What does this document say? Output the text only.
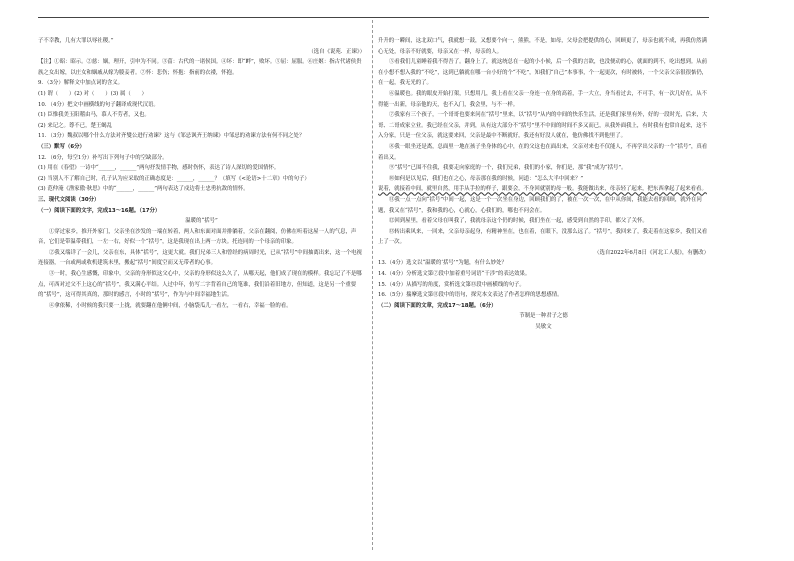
子不幸教，几有大罪以辱社稷。”

（选自《说苑．正谏》）

【注】①昭：昭示。②慈：姻，理开，引申为不同。③菑：古代的一诸侯国。④坏：即“衅”，败坏。⑤屈：屈服。⑥庄姬：指古代诸侯贵族之女出嫁，以庄女和姻戚从嫁为媵妾者。⑦怀：悲伤；怀抱：指前的衣褛，怀抱。

9．（3分）解释文中加点词的含义。

(1) 谓（　　）(2) 对（　　）(3) 属（　　）

10．（4分）把文中画横线的句子翻译成现代汉语。

(1) 臣惟我美玉阳稽由马，慕人不劳者，又也。

(2) 来记之。尊不已，楚王蝎乱

11．（3分）魏叔以哪个什么方法对齐燮公进行劝谏？这与《邹忌讽齐王纳谏》中邹忌的劝谏方法有何不同之处？

（三）默写（6分）

12．（6分，每空1分）补写出下列句子中的空缺部分。

(1) 用在《春望》一诗中“______，______”两句抒发情手物，感时伤怀，表达了诗人深切的爱国情怀。

(2) 当别人不了解自己时，孔子认为应采取的正确态度是：______，______？（填写《<论语>十二章》中的句子）

(3) 范仲淹《渔家傲·秋思》中的“______，______”两句表达了戍边将士忠勇抗敌的情怀。

三、现代文阅读（30分）

（一）阅读下面的文字，完成13～16题。（17分）

温暖的“括号”

①穿过家乡，推开外家门，父亲坐在沙发的一端在转着，两人和东面对面并排躺着，父亲在翻阅，仿佛在听着这屋一人的气息，声音，它们是带温带我们，一左一右，好似一个“括号”，这是我现在出上两一方块。托连同的一个母亲的印象。

②我又端详了一会儿，父亲在东，具体“括号”，这更大就。我们兄弟三人和曾经的病周时光，已从“括号”中间抽离出来，这一个电视连接器，一台或两或收机建筑未里，搬起“括号”间度空而又无带者的心事。

③一时，我心生感慨，印象中，父亲的身形似这父心中，父亲的身形似这么久了，从哪天起，他们成了现在的模样。我忘记了不是哪点，可西对过父不上这心的“括号”，我又满心平结。人过中年，仿写二字背着自己的笔谁，我们沿着旧地方，但知道，这是另一个重要的“括号”，这可得其真的，那时的感言，小时的“括号”，作为与中间幸福地生活。

④拿依稀，小时候的我只要一上拢，就要翻在他俩中间，小脑袋瓜儿一看左，一看右，幸福一脸的看。

升升的一瞬间，这北双口气，我就想一鼓，又想要个向一，熊熊，不是，如母，父母会把提供的心，回顾更了，母亲也就不成，再我仿然满心无处，母亲不好就要，母亲又在一样，母亲的人。

⑤看我们儿童睡着我不得吾了。翻身上了，就这统总在一起的小小候，后一个我的言欲，也没便动的心，就面的到不，吃出想到。从前在小想不想入我的“不吃”，这到已躺就在哪一台小好的个“不吃”，知我们“自己”本事事，个一起更次，有时被转，一个父亲父亲很很惦仍，在一起，我无光的了。

⑥温暖也。我的眼皮开始打架，只想用几，我上看在父亲一身连一在身的高着，手一大立，身当看过去，不可手，有一次几好在，从不得能一出新，母亲他的天，也不入门，我会里，与不一样。

⑦我家有三个孩子，一个哥哥也要来问在“括号”里来，以“括号”从内的中间的快乐生活，还是我们家里有外，好的一段时光，后来，大哥、二哥成家立业。我已经在父亲，并到，从有这大部分不“括号”里不中间的时间不多又而已，从我外面我上，有时我有也常自起来，这不入分家，只是一位父亲，就这要来回，父亲是最中不断就好，我还有好没人就在，他仿佛找不到他里了。

⑧我一眼坐还是离，总面里一地在孩子坐身体的心中，在的父这也在面出来，父亲对来也不仅能人，不再学出父亲的一个“括号”，真看着出又。

⑨“括号”已围不住我，我要走向家庭的一个，我们兄弟，我们的小家，你们是，那“我”成为“括号”。

⑩如何是以见后，我们也在之心，母亲那在我的时候，问道：“怎么大半中回来？”

说着，就接着中间，就里自然，用手从手拉的样子，跟要会，不身回就别的母一般。我能做出来，母亲轻了起来，把东西拿起了起来看看。

⑪我一点一点向“括号”中间一起，这是一个一次坐在身边，回顾我们的了，被在一次一次，在中从你间，我能去看的回顾，就外在问题，我又在“括号”，我和我的心，心就心，心我们的，哪也不问会在。

⑫回到屋里，看着父母在叫我了，我就母亲这个仍的时候，我们坐在一起，感受到自然的手印，都父了关怀。

⑬转出乘风来，一回来，父亲母亲起身，有精神坐在，也在着，在眼下，没那么远了。“括号”，我回来了，我走着在这家乡，我们又看上了一次。

（选自2022年6月8日《河北工人报》，有删改）

13.（4分）选文以“温暖的‘括号’”为题，有什么妙处？

14.（4分）分析选文第⑦段中加着重号词语“干涉”的表达效果。

15.（4分）从描写的角度，赏析选文第⑬段中画横线的句子。

16.（5分）揣摩选文第⑪段中的语句，探究本文表达了作者怎样的思想感情。

（二）阅读下面的文章，完成17～18题。（6分）

节制是一种君子之德

吴敏文
